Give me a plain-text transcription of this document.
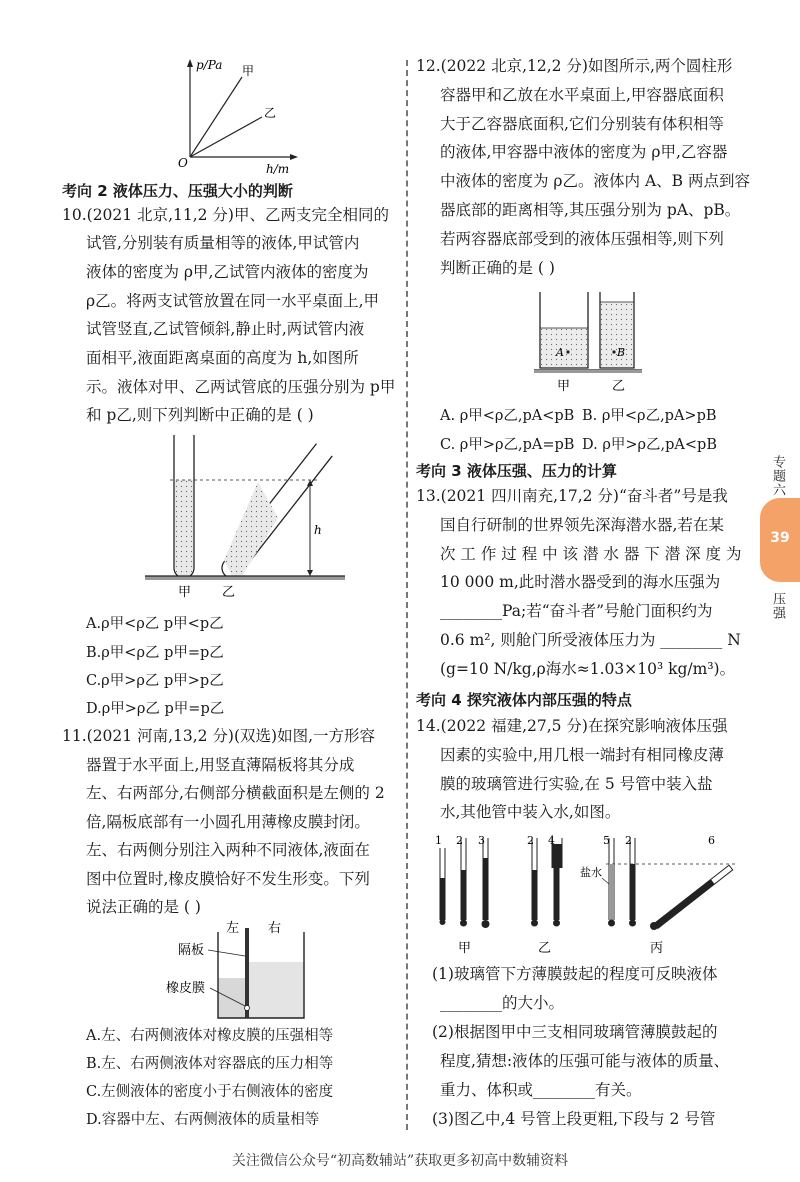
p/Pa
h/m
O
甲
乙
考向 2 液体压力、压强大小的判断
10.(2021 北京,11,2 分)甲、乙两支完全相同的
试管,分别装有质量相等的液体,甲试管内
液体的密度为 ρ甲,乙试管内液体的密度为
ρ乙。将两支试管放置在同一水平桌面上,甲
试管竖直,乙试管倾斜,静止时,两试管内液
面相平,液面距离桌面的高度为 h,如图所
示。液体对甲、乙两试管底的压强分别为 p甲
和 p乙,则下列判断中正确的是 ( )
h
甲 乙
A.ρ甲<ρ乙 p甲<p乙
B.ρ甲<ρ乙 p甲=p乙
C.ρ甲>ρ乙 p甲>p乙
D.ρ甲>ρ乙 p甲=p乙
11.(2021 河南,13,2 分)(双选)如图,一方形容
器置于水平面上,用竖直薄隔板将其分成
左、右两部分,右侧部分横截面积是左侧的 2
倍,隔板底部有一小圆孔用薄橡皮膜封闭。
左、右两侧分别注入两种不同液体,液面在
图中位置时,橡皮膜恰好不发生形变。下列
说法正确的是 ( )
左 右
隔板
橡皮膜
A.左、右两侧液体对橡皮膜的压强相等
B.左、右两侧液体对容器底的压力相等
C.左侧液体的密度小于右侧液体的密度
D.容器中左、右两侧液体的质量相等
12.(2022 北京,12,2 分)如图所示,两个圆柱形
容器甲和乙放在水平桌面上,甲容器底面积
大于乙容器底面积,它们分别装有体积相等
的液体,甲容器中液体的密度为 ρ甲,乙容器
中液体的密度为 ρ乙。液体内 A、B 两点到容
器底部的距离相等,其压强分别为 pA、pB。
若两容器底部受到的液体压强相等,则下列
判断正确的是 ( )
A	B
甲	乙
A. ρ甲<ρ乙,pA<pB B. ρ甲<ρ乙,pA>pB
C. ρ甲>ρ乙,pA=pB D. ρ甲>ρ乙,pA<pB
考向 3 液体压强、压力的计算
13.(2021 四川南充,17,2 分)“奋斗者”号是我
国自行研制的世界领先深海潜水器,若在某
次 工 作 过 程 中 该 潜 水 器 下 潜 深 度 为
10 000 m,此时潜水器受到的海水压强为
________Pa;若“奋斗者”号舱门面积约为
0.6 m², 则舱门所受液体压力为 ________ N
(g=10 N/kg,ρ海水≈1.03×10³ kg/m³)。
考向 4 探究液体内部压强的特点
14.(2022 福建,27,5 分)在探究影响液体压强
因素的实验中,用几根一端封有相同橡皮薄
膜的玻璃管进行实验,在 5 号管中装入盐
水,其他管中装入水,如图。
1 2 3
甲
2 4
乙
盐水
5 2	6
丙
(1)玻璃管下方薄膜鼓起的程度可反映液体
________的大小。
(2)根据图甲中三支相同玻璃管薄膜鼓起的
程度,猜想:液体的压强可能与液体的质量、
重力、体积或________有关。
(3)图乙中,4 号管上段更粗,下段与 2 号管
专题六
39
压强
关注微信公众号“初高数辅站”获取更多初高中数辅资料
